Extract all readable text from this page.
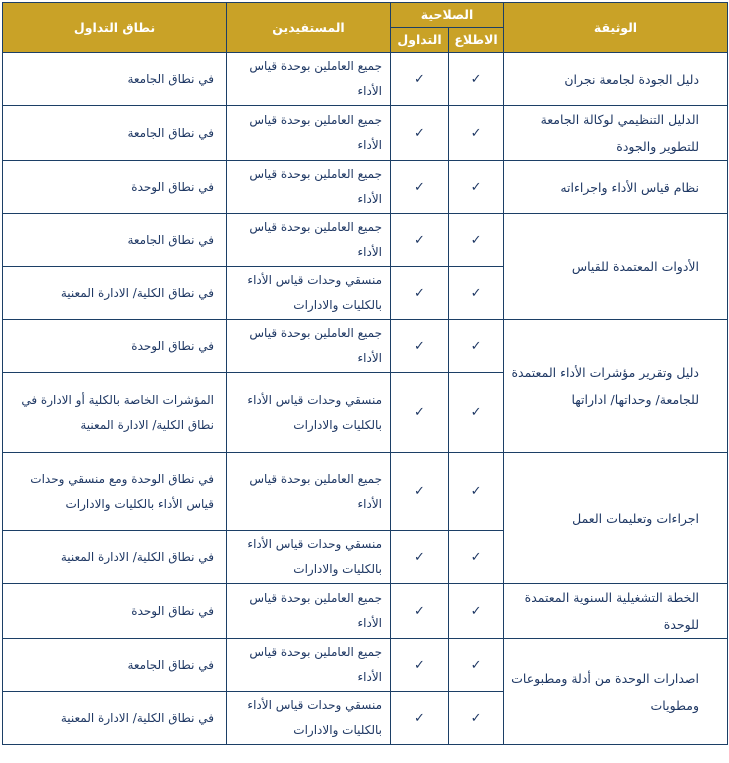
الوثيقة	الصلاحية		المستفيدين	نطاق التداول
	الاطلاع	التداول		
دليل الجودة لجامعة نجران	✓	✓	جميع العاملين بوحدة قياس الأداء	في نطاق الجامعة
الدليل التنظيمي لوكالة الجامعة للتطوير والجودة	✓	✓	جميع العاملين بوحدة قياس الأداء	في نطاق الجامعة
نظام قياس الأداء واجراءاته	✓	✓	جميع العاملين بوحدة قياس الأداء	في نطاق الوحدة
الأدوات المعتمدة للقياس	✓	✓	جميع العاملين بوحدة قياس الأداء	في نطاق الجامعة
	✓	✓	منسقي وحدات قياس الأداء بالكليات والادارات	في نطاق الكلية/ الادارة المعنية
دليل وتقرير مؤشرات الأداء المعتمدة للجامعة/ وحداتها/ اداراتها	✓	✓	جميع العاملين بوحدة قياس الأداء	في نطاق الوحدة
	✓	✓	منسقي وحدات قياس الأداء بالكليات والادارات	المؤشرات الخاصة بالكلية أو الادارة في نطاق الكلية/ الادارة المعنية
اجراءات وتعليمات العمل	✓	✓	جميع العاملين بوحدة قياس الأداء	في نطاق الوحدة ومع منسقي وحدات قياس الأداء بالكليات والادارات
	✓	✓	منسقي وحدات قياس الأداء بالكليات والادارات	في نطاق الكلية/ الادارة المعنية
الخطة التشغيلية السنوية المعتمدة للوحدة	✓	✓	جميع العاملين بوحدة قياس الأداء	في نطاق الوحدة
اصدارات الوحدة من أدلة ومطبوعات ومطويات	✓	✓	جميع العاملين بوحدة قياس الأداء	في نطاق الجامعة
	✓	✓	منسقي وحدات قياس الأداء بالكليات والادارات	في نطاق الكلية/ الادارة المعنية
